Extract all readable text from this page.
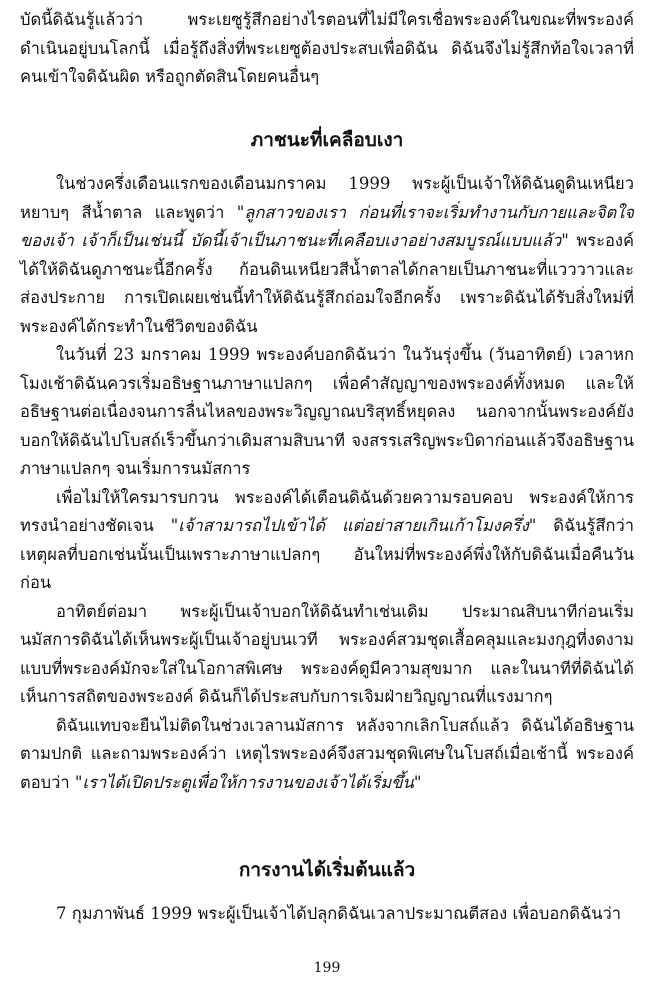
บัดนี้ดิฉันรู้แล้วว่า พระเยซูรู้สึกอย่างไรตอนที่ไม่มีใครเชื่อพระองค์ในขณะที่พระองค์ดำเนินอยู่บนโลกนี้ เมื่อรู้ถึงสิ่งที่พระเยซูต้องประสบเพื่อดิฉัน ดิฉันจึงไม่รู้สึกท้อใจเวลาที่คนเข้าใจดิฉันผิด หรือถูกตัดสินโดยคนอื่นๆ

ภาชนะที่เคลือบเงา

ในช่วงครึ่งเดือนแรกของเดือนมกราคม 1999 พระผู้เป็นเจ้าให้ดิฉันดูดินเหนียวหยาบๆ สีน้ำตาล และพูดว่า "ลูกสาวของเรา ก่อนที่เราจะเริ่มทำงานกับกายและจิตใจของเจ้า เจ้าก็เป็นเช่นนี้ บัดนี้เจ้าเป็นภาชนะที่เคลือบเงาอย่างสมบูรณ์แบบแล้ว" พระองค์ได้ให้ดิฉันดูภาชนะนี้อีกครั้ง ก้อนดินเหนียวสีน้ำตาลได้กลายเป็นภาชนะที่แวววาวและส่องประกาย การเปิดเผยเช่นนี้ทำให้ดิฉันรู้สึกถ่อมใจอีกครั้ง เพราะดิฉันได้รับสิ่งใหม่ที่พระองค์ได้กระทำในชีวิตของดิฉัน

ในวันที่ 23 มกราคม 1999 พระองค์บอกดิฉันว่า ในวันรุ่งขึ้น (วันอาทิตย์) เวลาหกโมงเช้าดิฉันควรเริ่มอธิษฐานภาษาแปลกๆ เพื่อคำสัญญาของพระองค์ทั้งหมด และให้อธิษฐานต่อเนื่องจนการลื่นไหลของพระวิญญาณบริสุทธิ์หยุดลง นอกจากนั้นพระองค์ยังบอกให้ดิฉันไปโบสถ์เร็วขึ้นกว่าเดิมสามสิบนาที จงสรรเสริญพระบิดาก่อนแล้วจึงอธิษฐานภาษาแปลกๆ จนเริ่มการนมัสการ

เพื่อไม่ให้ใครมารบกวน พระองค์ได้เตือนดิฉันด้วยความรอบคอบ พระองค์ให้การทรงนำอย่างชัดเจน "เจ้าสามารถไปเข้าได้ แต่อย่าสายเกินเก้าโมงครึ่ง" ดิฉันรู้สึกว่าเหตุผลที่บอกเช่นนั้นเป็นเพราะภาษาแปลกๆ อันใหม่ที่พระองค์พึ่งให้กับดิฉันเมื่อคืนวันก่อน

อาทิตย์ต่อมา พระผู้เป็นเจ้าบอกให้ดิฉันทำเช่นเดิม ประมาณสิบนาทีก่อนเริ่มนมัสการดิฉันได้เห็นพระผู้เป็นเจ้าอยู่บนเวที พระองค์สวมชุดเสื้อคลุมและมงกุฎที่งดงามแบบที่พระองค์มักจะใส่ในโอกาสพิเศษ พระองค์ดูมีความสุขมาก และในนาทีที่ดิฉันได้เห็นการสถิตของพระองค์ ดิฉันก็ได้ประสบกับการเจิมฝ่ายวิญญาณที่แรงมากๆ

ดิฉันแทบจะยืนไม่ติดในช่วงเวลานมัสการ หลังจากเลิกโบสถ์แล้ว ดิฉันได้อธิษฐานตามปกติ และถามพระองค์ว่า เหตุไรพระองค์จึงสวมชุดพิเศษในโบสถ์เมื่อเช้านี้ พระองค์ตอบว่า "เราได้เปิดประตูเพื่อให้การงานของเจ้าได้เริ่มขึ้น"

การงานได้เริ่มต้นแล้ว

7 กุมภาพันธ์ 1999 พระผู้เป็นเจ้าได้ปลุกดิฉันเวลาประมาณตีสอง เพื่อบอกดิฉันว่า

199
